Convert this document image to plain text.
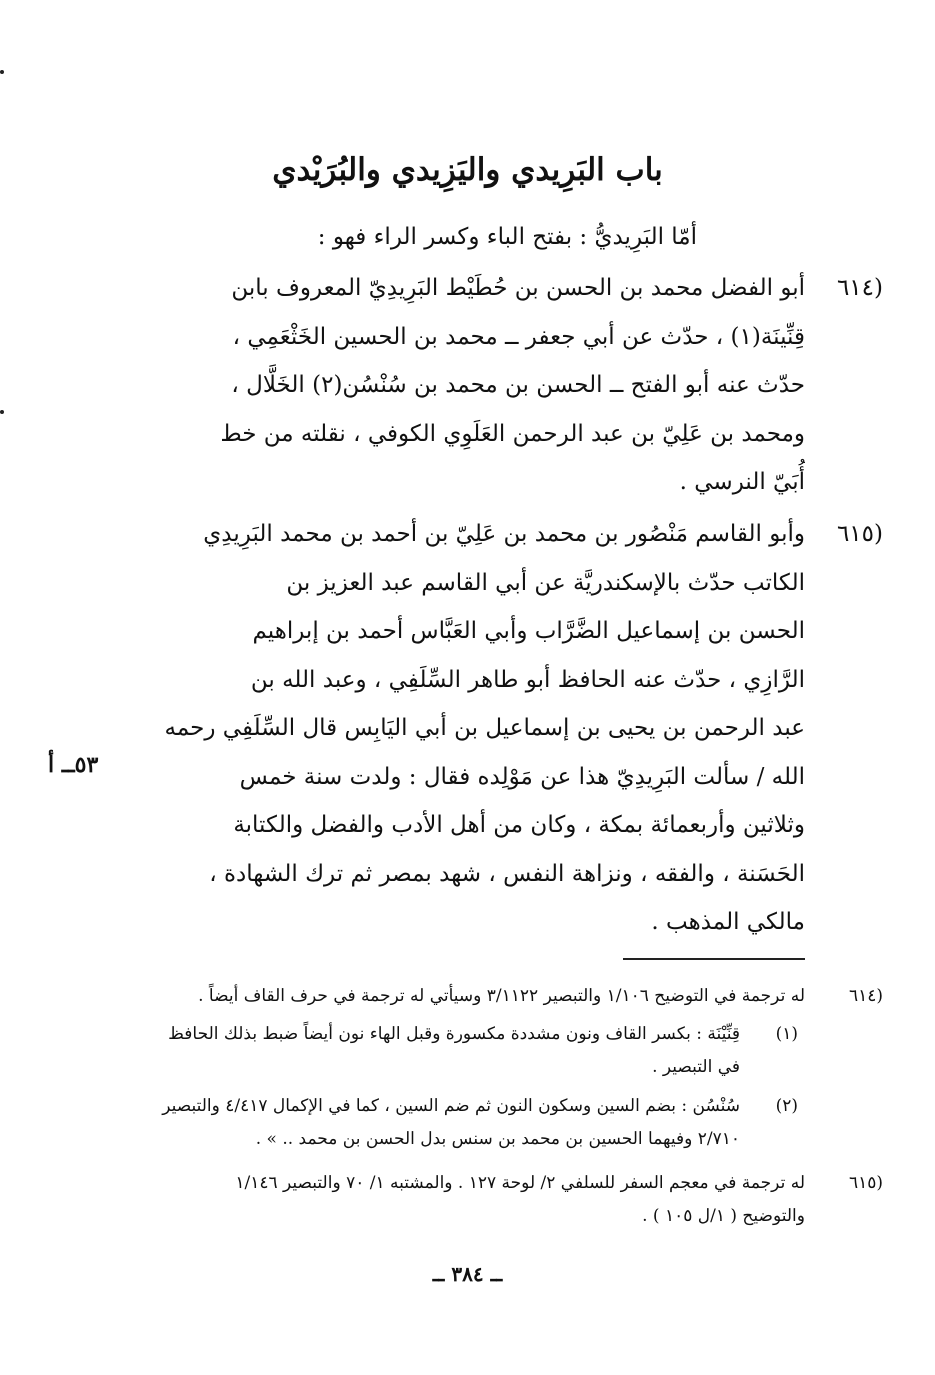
باب البَرِيدي واليَزِيدي والبُرَيْدي
أمّا البَرِيديُّ : بفتح الباء وكسر الراء فهو :
(٦١٤
أبو الفضل محمد بن الحسن بن حُطَيْط البَرِيدِيّ المعروف بابن
قِنِّينَة(١) ، حدّث عن أبي جعفر ــ محمد بن الحسين الخَثْعَمِي ،
حدّث عنه أبو الفتح ــ الحسن بن محمد بن سُنْسُن(٢) الخَلَّال ،
ومحمد بن عَلِيّ بن عبد الرحمن العَلَوِي الكوفي ، نقلته من خط
أُبَيّ النرسي .
(٦١٥
وأبو القاسم مَنْصُور بن محمد بن عَلِيّ بن أحمد بن محمد البَرِيدِي
الكاتب حدّث بالإسكندريَّة عن أبي القاسم عبد العزيز بن
الحسن بن إسماعيل الضَّرَّاب وأبي العَبَّاس أحمد بن إبراهيم
الرَّازِي ، حدّث عنه الحافظ أبو طاهر السِّلَفِي ، وعبد الله بن
عبد الرحمن بن يحيى بن إسماعيل بن أبي اليَابِس قال السِّلَفِي رحمه
الله / سألت البَرِيدِيّ هذا عن مَوْلِده فقال : ولدت سنة خمس
وثلاثين وأربعمائة بمكة ، وكان من أهل الأدب والفضل والكتابة
الحَسَنة ، والفقه ، ونزاهة النفس ، شهد بمصر ثم ترك الشهادة ،
مالكي المذهب .
٥٣ــ أ
(٦١٤
له ترجمة في التوضيح ١/١٠٦ والتبصير ٣/١١٢٢ وسيأتي له ترجمة في حرف القاف أيضاً .
(١)
قِنِّيْنَة : بكسر القاف ونون مشددة مكسورة وقبل الهاء نون أيضاً ضبط بذلك الحافظ
في التبصير .
(٢)
سُنْسُن : بضم السين وسكون النون ثم ضم السين ، كما في الإكمال ٤/٤١٧ والتبصير
٢/٧١٠ وفيهما الحسين بن محمد بن سنس بدل الحسن بن محمد .. » .
(٦١٥
له ترجمة في معجم السفر للسلفي ٢/ لوحة ١٢٧ . والمشتبه ١/ ٧٠ والتبصير ١/١٤٦
والتوضيح ( ١/ل ١٠٥ ) .
ــ ٣٨٤ ــ
